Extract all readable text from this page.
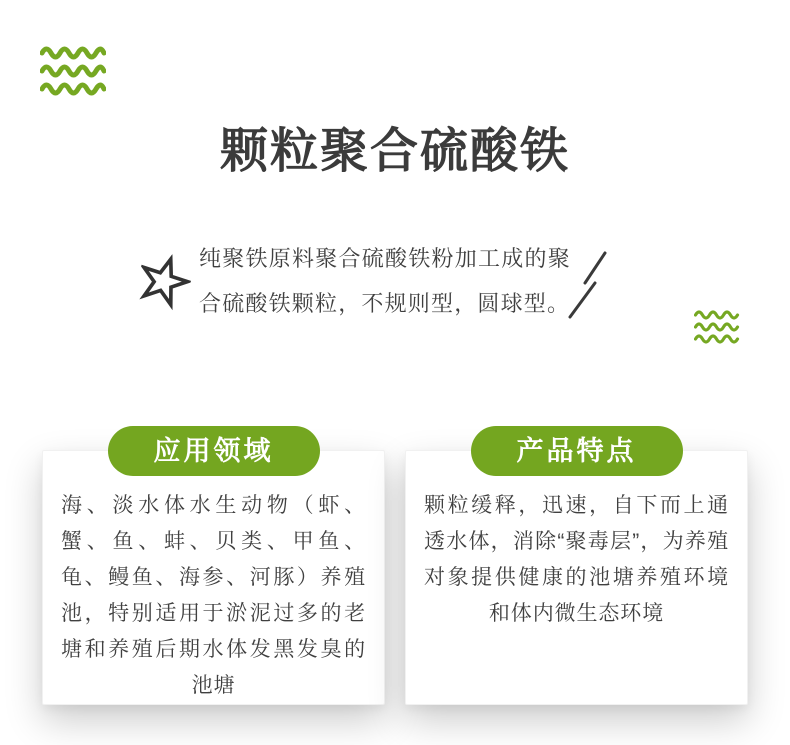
颗粒聚合硫酸铁

纯聚铁原料聚合硫酸铁粉加工成的聚合硫酸铁颗粒，不规则型，圆球型。

应用领域

海、淡水体水生动物（虾、蟹、鱼、蚌、贝类、甲鱼、龟、鳗鱼、海参、河豚）养殖池，特别适用于淤泥过多的老塘和养殖后期水体发黑发臭的池塘

产品特点

颗粒缓释，迅速，自下而上通透水体，消除“聚毒层”，为养殖对象提供健康的池塘养殖环境和体内微生态环境
